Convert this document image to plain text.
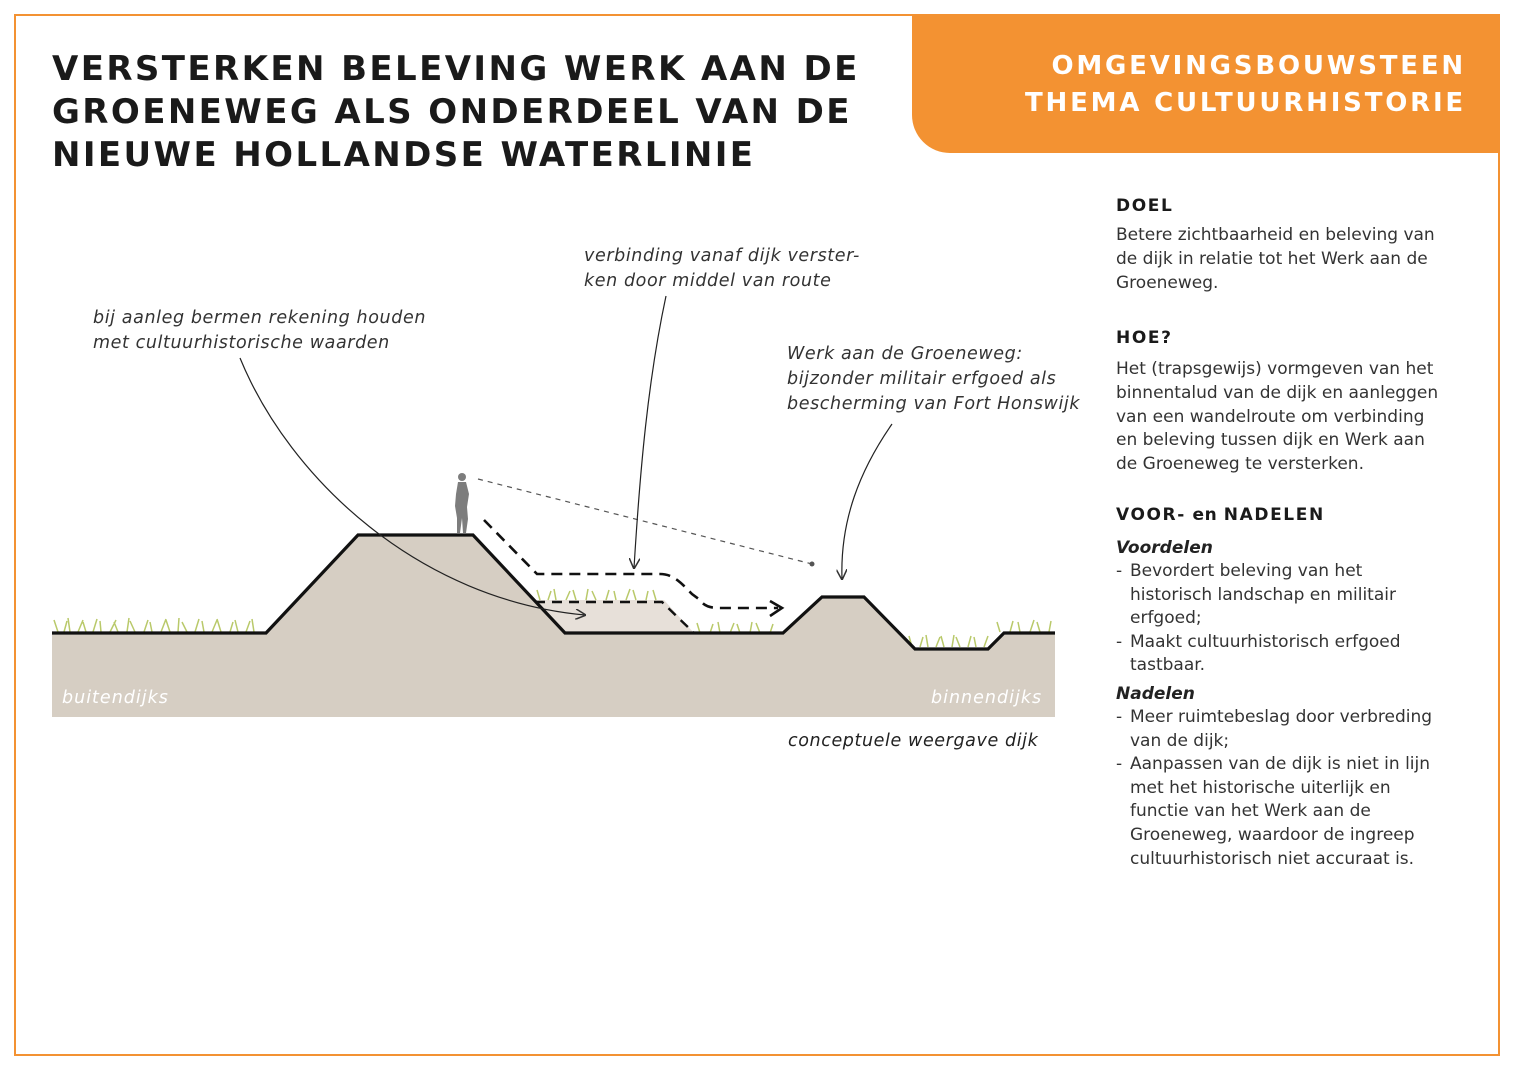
VERSTERKEN BELEVING WERK AAN DE
GROENEWEG ALS ONDERDEEL VAN DE
NIEUWE HOLLANDSE WATERLINIE
OMGEVINGSBOUWSTEEN
THEMA CULTUURHISTORIE
buitendijks	binnendijks
conceptuele weergave dijk
bij aanleg bermen rekening houden
met cultuurhistorische waarden
verbinding vanaf dijk verster-
ken door middel van route
Werk aan de Groeneweg:
bijzonder militair erfgoed als
bescherming van Fort Honswijk
DOEL
Betere zichtbaarheid en beleving van
de dijk in relatie tot het Werk aan de
Groeneweg.
HOE?
Het (trapsgewijs) vormgeven van het
binnentalud van de dijk en aanleggen
van een wandelroute om verbinding
en beleving tussen dijk en Werk aan
de Groeneweg te versterken.
VOOR- en NADELEN
Voordelen
- Bevordert beleving van het
historisch landschap en militair
erfgoed;
- Maakt cultuurhistorisch erfgoed
tastbaar.
Nadelen
- Meer ruimtebeslag door verbreding
van de dijk;
- Aanpassen van de dijk is niet in lijn
met het historische uiterlijk en
functie van het Werk aan de
Groeneweg, waardoor de ingreep
cultuurhistorisch niet accuraat is.
